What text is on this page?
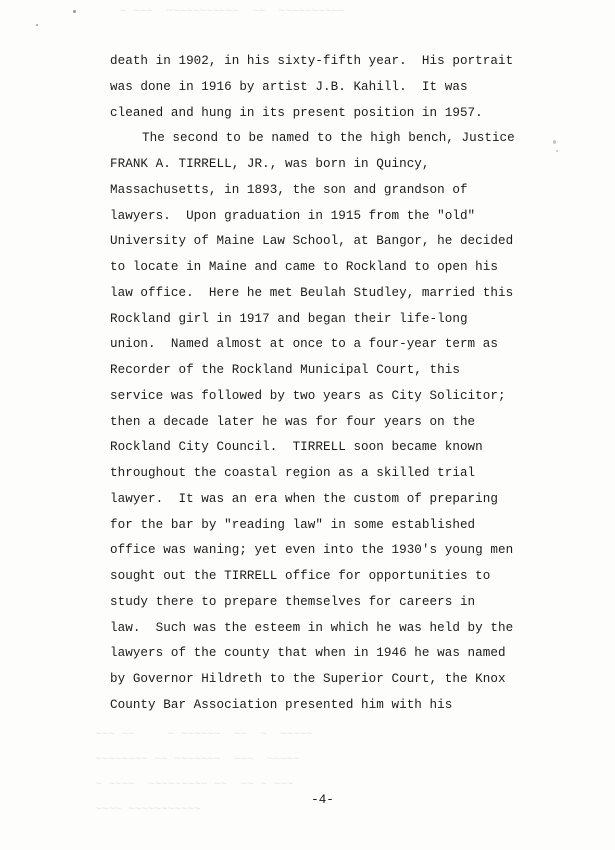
~ ~~~  ~~~~~~~~~~~  ~~  ~~~~~~~~~~
~~~ ~~     ~ ~~~~~~  ~~  ~  ~~~~~
~~~~~~~~ ~~ ~~~~~~~  ~~~  ~~~~~
~ ~~~~  ~~~~~~~~~ ~~  ~~ ~ ~~~
~~~~ ~~~~~~~~~~~
death in 1902, in his sixty-fifth year.  His portrait
was done in 1916 by artist J.B. Kahill.  It was
cleaned and hung in its present position in 1957.
The second to be named to the high bench, Justice
FRANK A. TIRRELL, JR., was born in Quincy,
Massachusetts, in 1893, the son and grandson of
lawyers.  Upon graduation in 1915 from the "old"
University of Maine Law School, at Bangor, he decided
to locate in Maine and came to Rockland to open his
law office.  Here he met Beulah Studley, married this
Rockland girl in 1917 and began their life-long
union.  Named almost at once to a four-year term as
Recorder of the Rockland Municipal Court, this
service was followed by two years as City Solicitor;
then a decade later he was for four years on the
Rockland City Council.  TIRRELL soon became known
throughout the coastal region as a skilled trial
lawyer.  It was an era when the custom of preparing
for the bar by "reading law" in some established
office was waning; yet even into the 1930's young men
sought out the TIRRELL office for opportunities to
study there to prepare themselves for careers in
law.  Such was the esteem in which he was held by the
lawyers of the county that when in 1946 he was named
by Governor Hildreth to the Superior Court, the Knox
County Bar Association presented him with his
-4-
